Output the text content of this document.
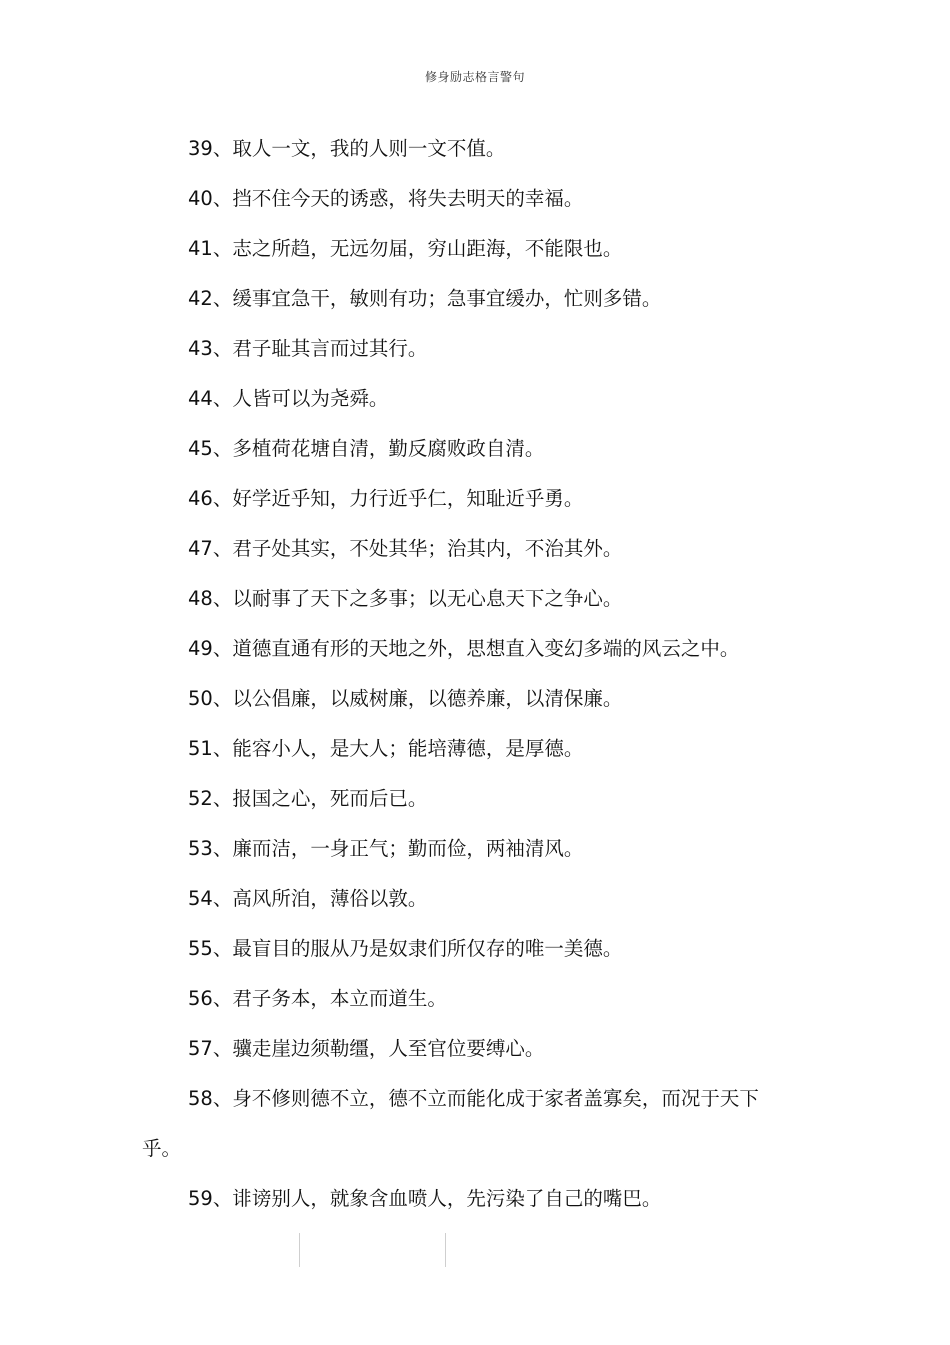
修身励志格言警句

39、取人一文，我的人则一文不值。

40、挡不住今天的诱惑，将失去明天的幸福。

41、志之所趋，无远勿届，穷山距海，不能限也。

42、缓事宜急干，敏则有功；急事宜缓办，忙则多错。

43、君子耻其言而过其行。

44、人皆可以为尧舜。

45、多植荷花塘自清，勤反腐败政自清。

46、好学近乎知，力行近乎仁，知耻近乎勇。

47、君子处其实，不处其华；治其内，不治其外。

48、以耐事了天下之多事；以无心息天下之争心。

49、道德直通有形的天地之外，思想直入变幻多端的风云之中。

50、以公倡廉，以威树廉，以德养廉，以清保廉。

51、能容小人，是大人；能培薄德，是厚德。

52、报国之心，死而后已。

53、廉而洁，一身正气；勤而俭，两袖清风。

54、高风所洎，薄俗以敦。

55、最盲目的服从乃是奴隶们所仅存的唯一美德。

56、君子务本，本立而道生。

57、骥走崖边须勒缰，人至官位要缚心。

58、身不修则德不立，德不立而能化成于家者盖寡矣，而况于天下乎。

59、诽谤别人，就象含血喷人，先污染了自己的嘴巴。
